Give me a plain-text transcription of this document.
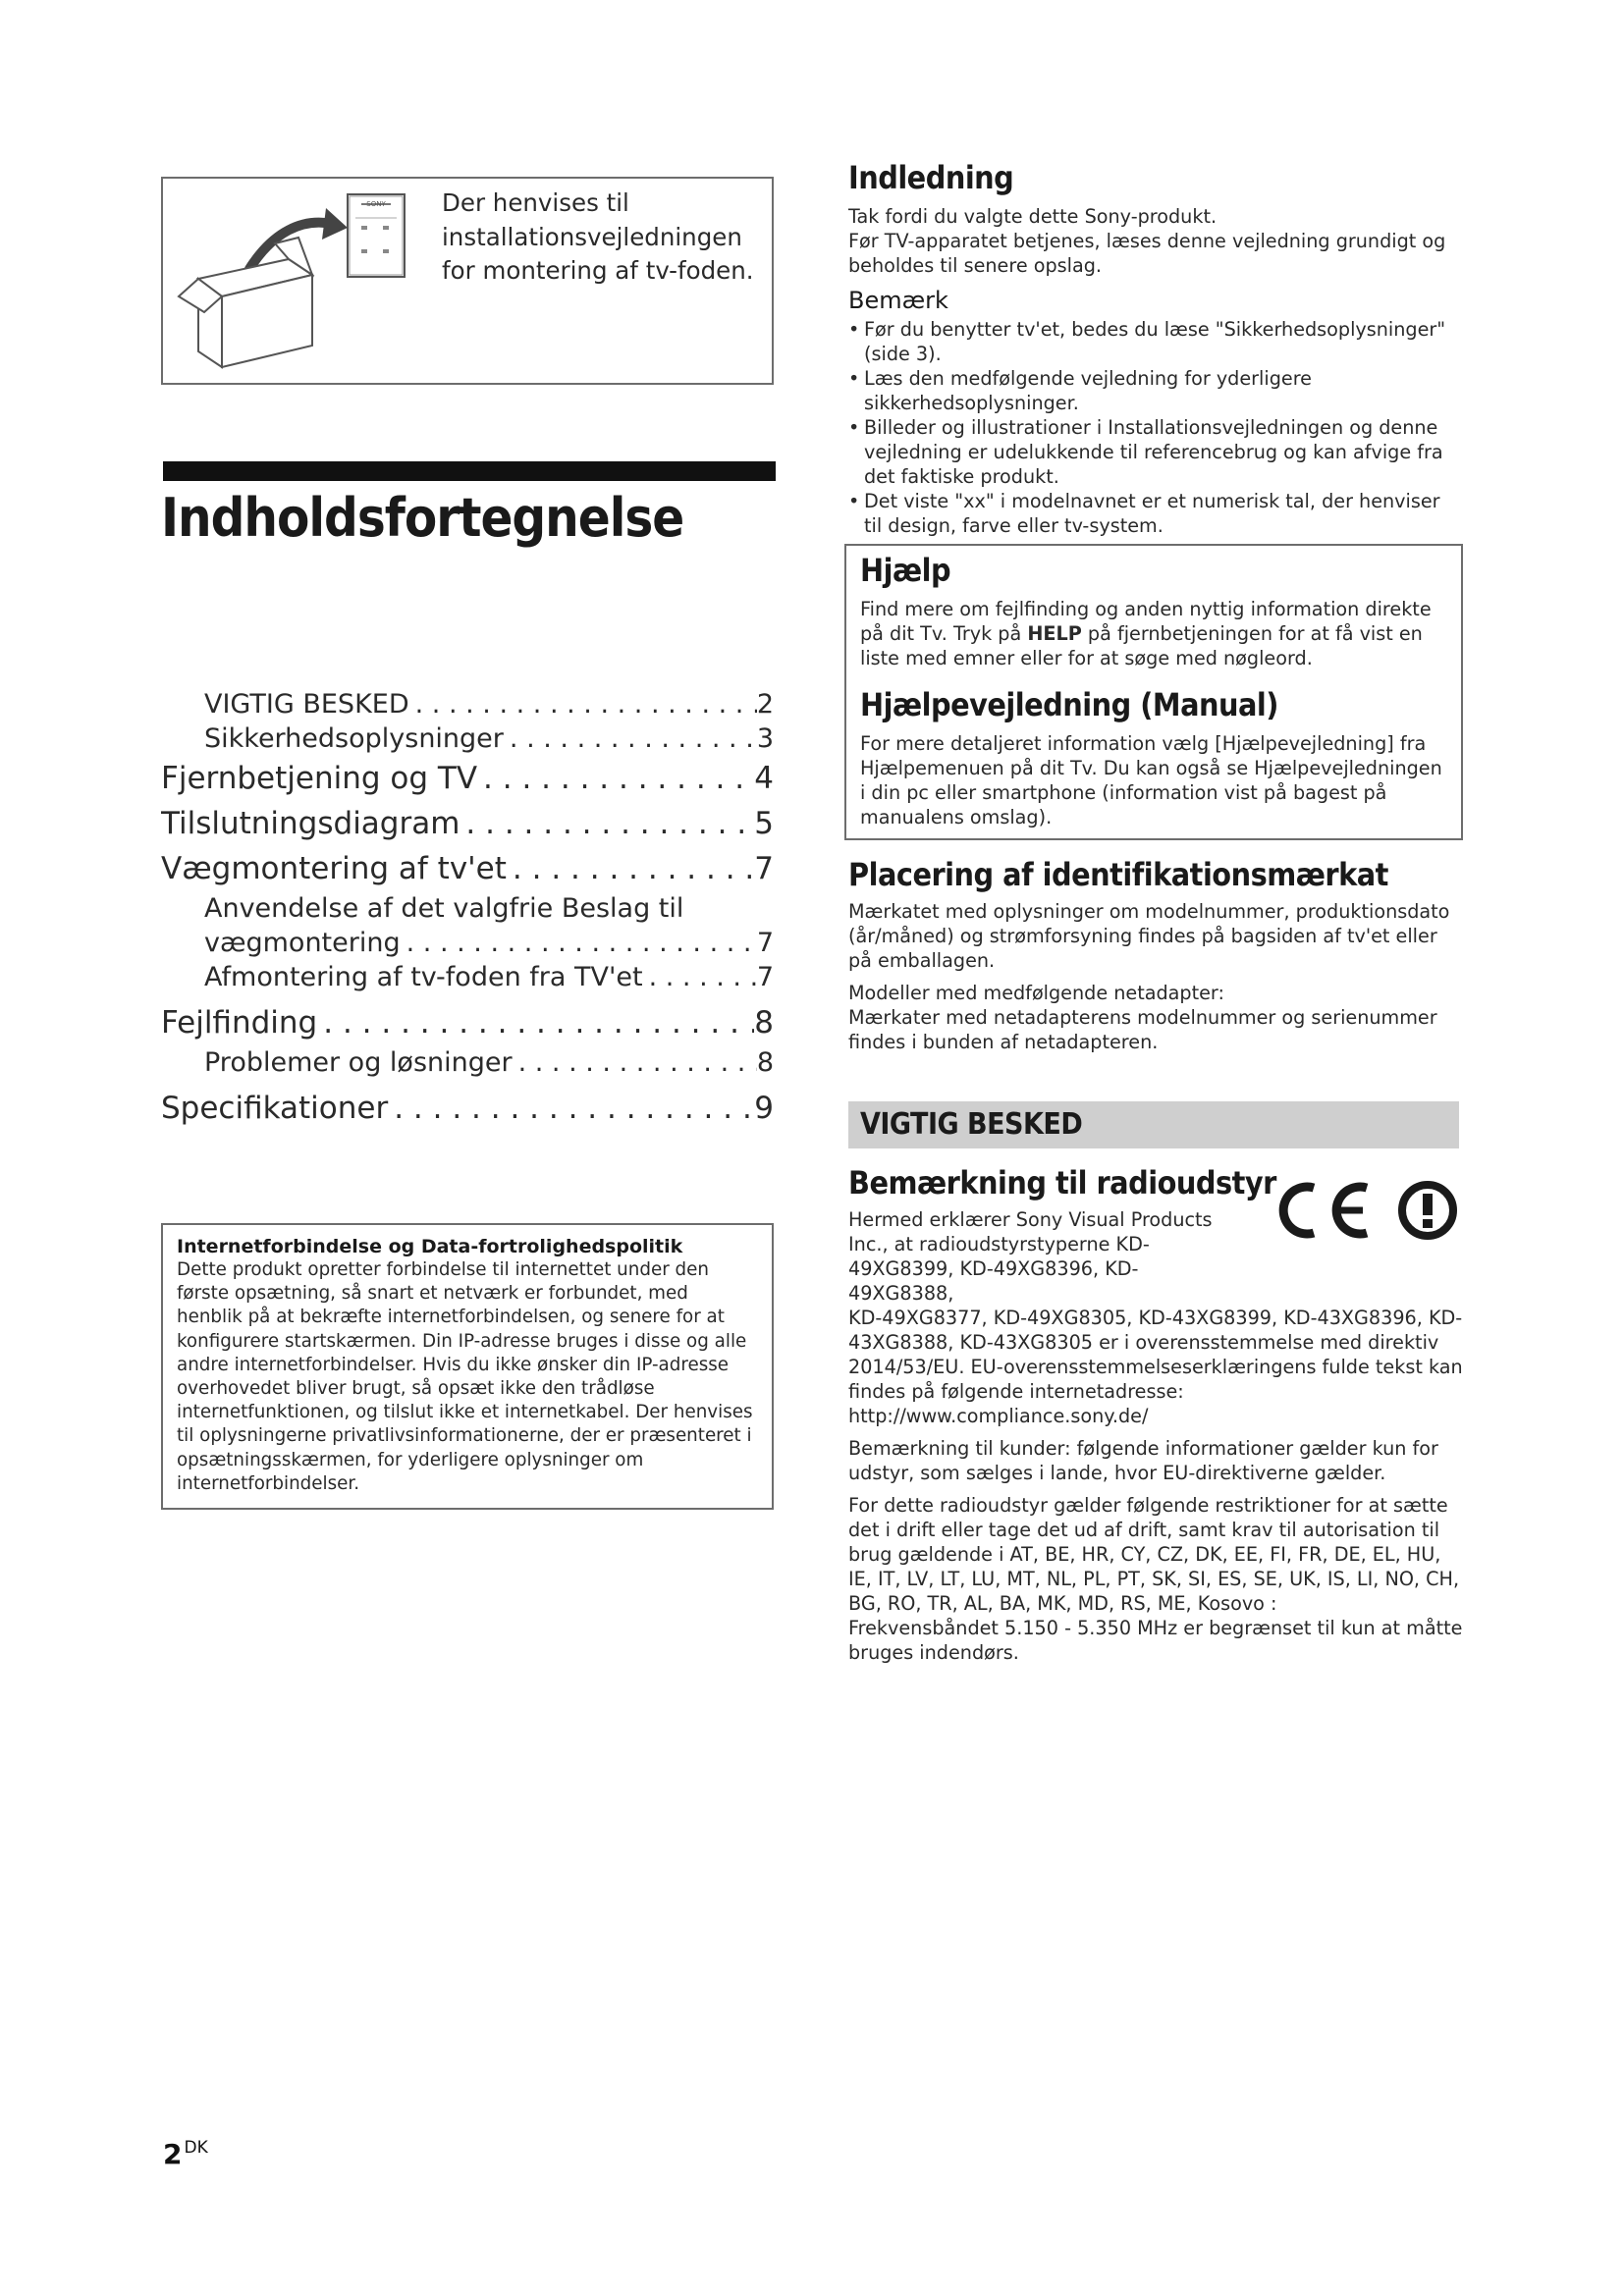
SONY Der henvises til installationsvejledningen for montering af tv-foden.
Indholdsfortegnelse
VIGTIG BESKED . . .	2
Sikkerhedsoplysninger . . .	3
Fjernbetjening og TV . . .	4
Tilslutningsdiagram . . .	5
Vægmontering af tv'et . . .	7
Anvendelse af det valgfrie Beslag til
vægmontering . . .	7
Afmontering af tv-foden fra TV'et . . .	7
Fejlfinding . . .	8
Problemer og løsninger . . .	8
Specifikationer . . .	9
Internetforbindelse og Data-fortrolighedspolitik
Dette produkt opretter forbindelse til internettet under den første opsætning, så snart et netværk er forbundet, med henblik på at bekræfte internetforbindelsen, og senere for at konfigurere startskærmen. Din IP-adresse bruges i disse og alle andre internetforbindelser. Hvis du ikke ønsker din IP-adresse overhovedet bliver brugt, så opsæt ikke den trådløse internetfunktionen, og tilslut ikke et internetkabel. Der henvises til oplysningerne privatlivsinformationerne, der er præsenteret i opsætningsskærmen, for yderligere oplysninger om internetforbindelser.
2 $^{DK}$
Indledning

Tak fordi du valgte dette Sony-produkt.

Før TV-apparatet betjenes, læses denne vejledning grundigt og beholdes til senere opslag.

Bemærk
• Før du benytter tv'et, bedes du læse "Sikkerhedsoplysninger" (side 3).
• Læs den medfølgende vejledning for yderligere sikkerhedsoplysninger.
• Billeder og illustrationer i Installationsvejledningen og denne vejledning er udelukkende til referencebrug og kan afvige fra det faktiske produkt.
• Det viste "xx" i modelnavnet er et numerisk tal, der henviser til design, farve eller tv-system.
Hjælp
Find mere om fejlfinding og anden nyttig information direkte på dit Tv. Tryk på HELP på fjernbetjeningen for at få vist en liste med emner eller for at søge med nøgleord.
Hjælpevejledning (Manual)
For mere detaljeret information vælg [Hjælpevejledning] fra Hjælpemenuen på dit Tv. Du kan også se Hjælpevejledningen i din pc eller smartphone (information vist på bagest på manualens omslag).
Placering af identifikationsmærkat

Mærkatet med oplysninger om modelnummer, produktionsdato (år/måned) og strømforsyning findes på bagsiden af tv'et eller på emballagen.

Modeller med medfølgende netadapter:

Mærkater med netadapterens modelnummer og serienummer findes i bunden af netadapteren.

VIGTIG BESKED
Bemærkning til radioudstyr
Hermed erklærer Sony Visual Products Inc., at radioudstyrstyperne KD-49XG8399, KD-49XG8396, KD-49XG8388,
KD-49XG8377, KD-49XG8305, KD-43XG8399, KD-43XG8396, KD-43XG8388, KD-43XG8305 er i overensstemmelse med direktiv 2014/53/EU. EU-overensstemmelseserklæringens fulde tekst kan findes på følgende internetadresse: http://www.compliance.sony.de/
Bemærkning til kunder: følgende informationer gælder kun for udstyr, som sælges i lande, hvor EU-direktiverne gælder.
For dette radioudstyr gælder følgende restriktioner for at sætte det i drift eller tage det ud af drift, samt krav til autorisation til brug gældende i AT, BE, HR, CY, CZ, DK, EE, FI, FR, DE, EL, HU, IE, IT, LV, LT, LU, MT, NL, PL, PT, SK, SI, ES, SE, UK, IS, LI, NO, CH, BG, RO, TR, AL, BA, MK, MD, RS, ME, Kosovo :
Frekvensbåndet 5.150 - 5.350 MHz er begrænset til kun at måtte bruges indendørs.
